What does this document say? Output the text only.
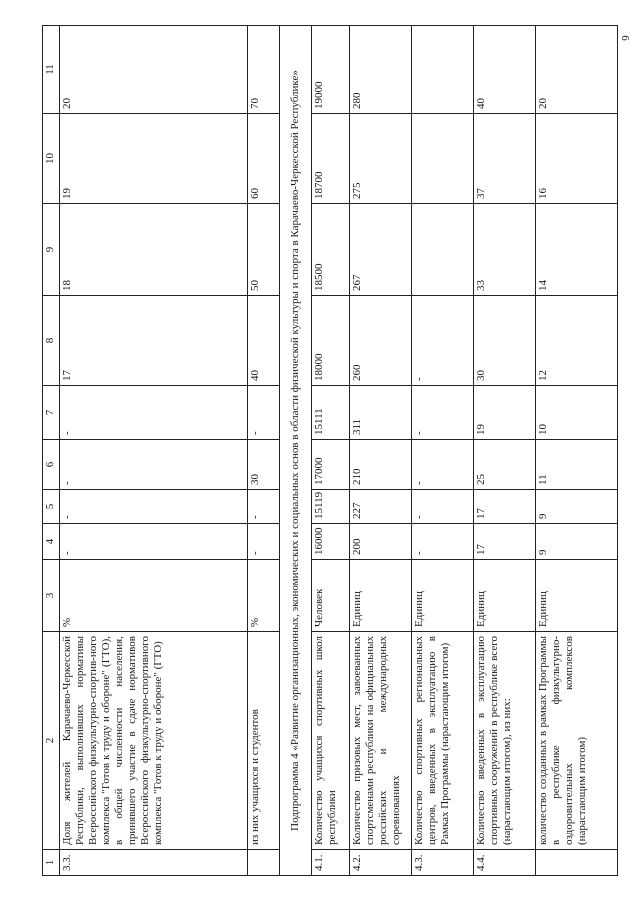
6
1	2	3	4	5	6	7	8	9	10	11
3.3.	Доля жителей Карачаево-Черкесской Республики, выполнивших нормативы Всероссийского физкультурно-спортив-ного комплекса "Готов к труду и обороне" (ГТО), в общей численности населения, принявшего участие в сдаче нормативов Всероссийского физкультурно-спортивного комплекса "Готов к труду и обороне" (ГТО)	%	-	-	-	-	17	18	19	20
	из них учащихся и студентов	%	-	-	30	-	40	50	60	70
Подпрограмма 4 «Развитие организационных, экономических и социальных основ в области физической культуры и спорта в Карачаево-Черкесской Республике»										
4.1.	Количество учащихся спортивных школ республики	Человек	16000	15119	17000	15111	18000	18500	18700	19000
4.2.	Количество призовых мест, завоеванных спортсменами республики на официальных российских и международных соревнованиях	Единиц	200	227	210	311	260	267	275	280
4.3.	Количество спортивных региональных центров, введенных в эксплуатацию в Рамках Программы (нарастающим итогом)	Единиц	-	-	-	-	-			
4.4.	Количество введенных в эксплуатацию спортивных сооружений в республике всего (нарастающим итогом), из них:	Единиц	17	17	25	19	30	33	37	40
	количество созданных в рамках Программы в республике физкультурно-оздоровительных комплексов (нарастающим итогом)	Единиц	9	9	11	10	12	14	16	20
